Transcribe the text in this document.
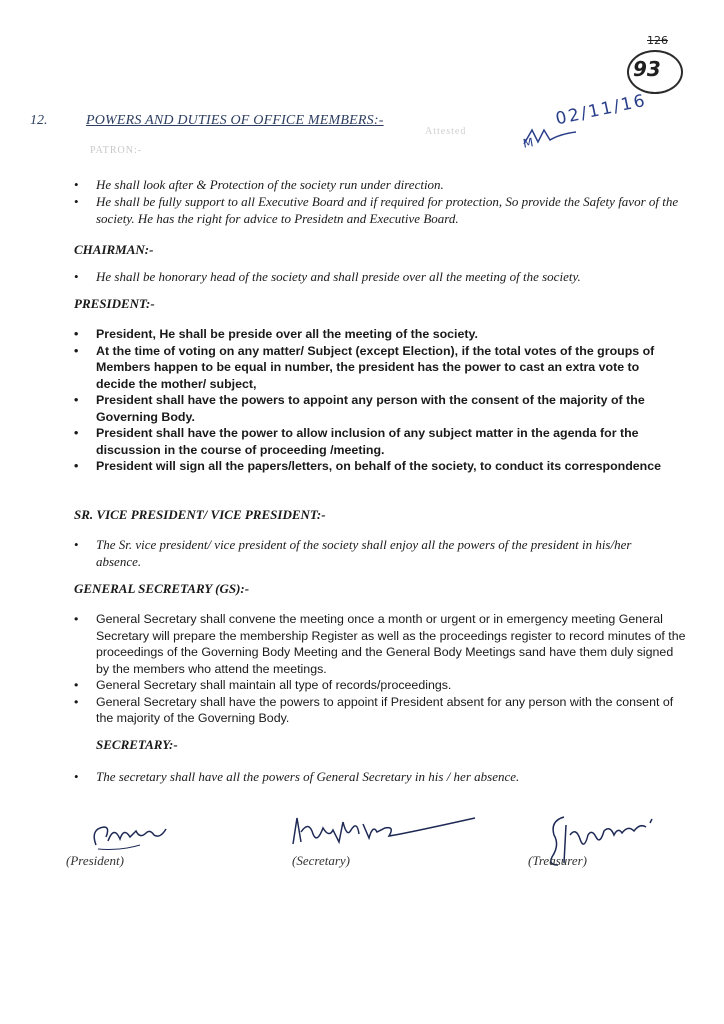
126
93
02/11/16
M
12.	POWERS AND DUTIES OF OFFICE MEMBERS:-
Attested
PATRON:-
• He shall look after & Protection of the society run under direction.
• He shall be fully support to all Executive Board and if required for protection, So provide the Safety favor of the society. He has the right for advice to Presidetn and Executive Board.
CHAIRMAN:-
• He shall be honorary head of the society and shall preside over all the meeting of the society.
PRESIDENT:-
• President, He shall be preside over all the meeting of the society.
• At the time of voting on any matter/ Subject (except Election), if the total votes of the groups of Members happen to be equal in number, the president has the power to cast an extra vote to decide the mother/ subject,
• President shall have the powers to appoint any person with the consent of the majority of the Governing Body.
• President shall have the power to allow inclusion of any subject matter in the agenda for the discussion in the course of proceeding /meeting.
• President will sign all the papers/letters, on behalf of the society, to conduct its correspondence
SR. VICE PRESIDENT/ VICE PRESIDENT:-
• The Sr. vice president/ vice president of the society shall enjoy all the powers of the president in his/her absence.
GENERAL SECRETARY (GS):-
• General Secretary shall convene the meeting once a month or urgent or in emergency meeting General Secretary will prepare the membership Register as well as the proceedings register to record minutes of the proceedings of the Governing Body Meeting and the General Body Meetings sand have them duly signed by the members who attend the meetings.
• General Secretary shall maintain all type of records/proceedings.
• General Secretary shall have the powers to appoint if President absent for any person with the consent of the majority of the Governing Body.
SECRETARY:-
• The secretary shall have all the powers of General Secretary in his / her absence.
(President)	(Secretary)	(Treasurer)
